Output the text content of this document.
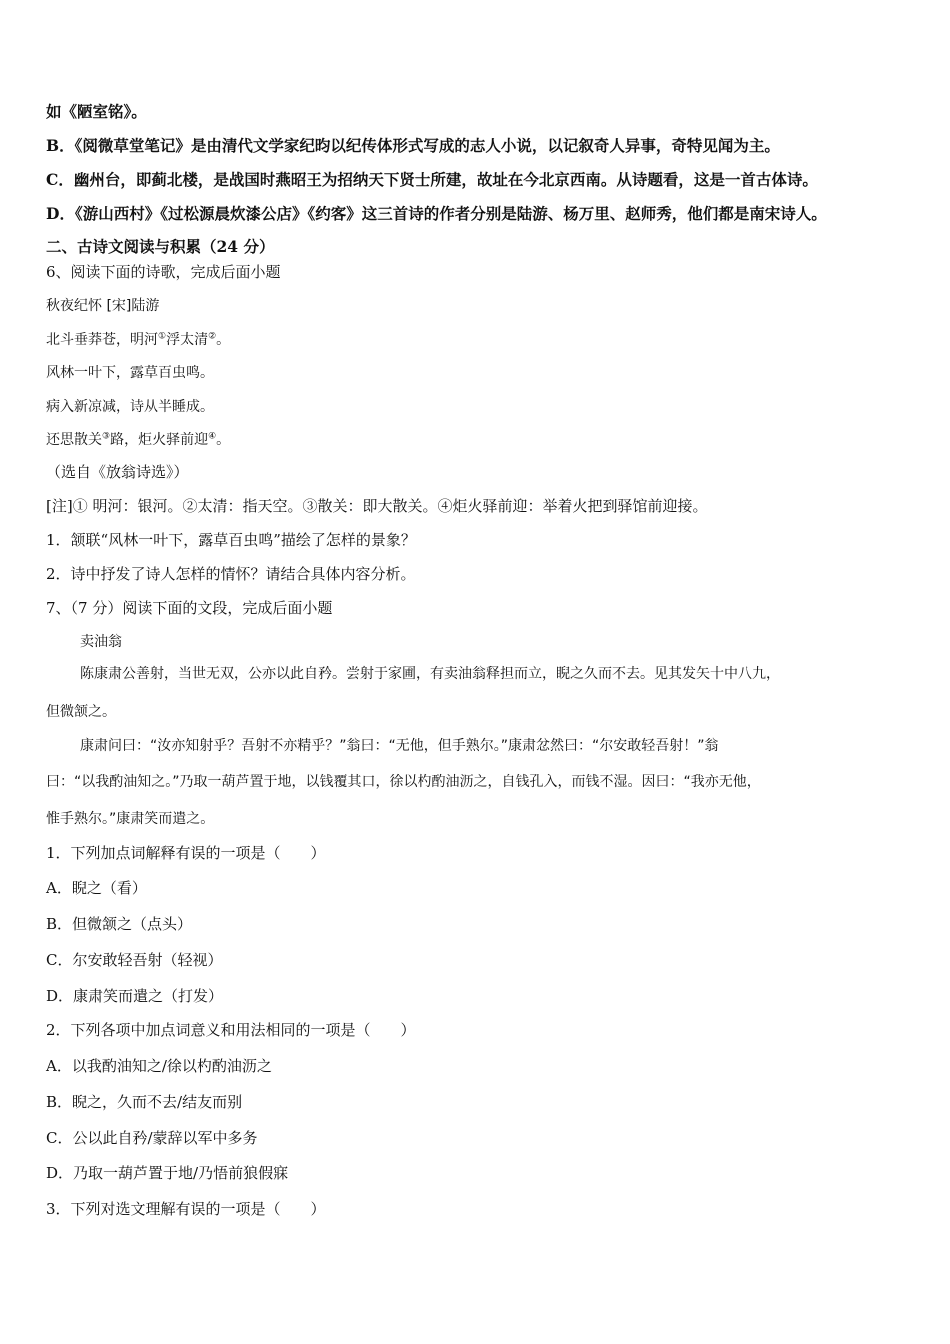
如《陋室铭》。
B．《阅微草堂笔记》是由清代文学家纪昀以纪传体形式写成的志人小说，以记叙奇人异事，奇特见闻为主。
C．幽州台，即蓟北楼，是战国时燕昭王为招纳天下贤士所建，故址在今北京西南。从诗题看，这是一首古体诗。
D．《游山西村》《过松源晨炊漆公店》《约客》这三首诗的作者分别是陆游、杨万里、赵师秀，他们都是南宋诗人。
二、古诗文阅读与积累（24 分）
6、阅读下面的诗歌，完成后面小题
秋夜纪怀 [宋]陆游
北斗垂莽苍，明河①浮太清②。
风林一叶下，露草百虫鸣。
病入新凉减，诗从半睡成。
还思散关③路，炬火驿前迎④。
（选自《放翁诗选》）
[注]① 明河：银河。②太清：指天空。③散关：即大散关。④炬火驿前迎：举着火把到驿馆前迎接。
1．颔联“风林一叶下，露草百虫鸣”描绘了怎样的景象？
2．诗中抒发了诗人怎样的情怀？请结合具体内容分析。
7、（7 分）阅读下面的文段，完成后面小题
卖油翁
陈康肃公善射，当世无双，公亦以此自矜。尝射于家圃，有卖油翁释担而立，睨之久而不去。见其发矢十中八九，
但微颔之。
康肃问曰：“汝亦知射乎？吾射不亦精乎？”翁曰：“无他，但手熟尔。”康肃忿然曰：“尔安敢轻吾射！”翁
曰：“以我酌油知之。”乃取一葫芦置于地，以钱覆其口，徐以杓酌油沥之，自钱孔入，而钱不湿。因曰：“我亦无他，
惟手熟尔。”康肃笑而遣之。
1．下列加点词解释有误的一项是（　　）
A．睨之（看）
B．但微颔之（点头）
C．尔安敢轻吾射（轻视）
D．康肃笑而遣之（打发）
2．下列各项中加点词意义和用法相同的一项是（　　）
A．以我酌油知之/徐以杓酌油沥之
B．睨之，久而不去/结友而别
C．公以此自矜/蒙辞以军中多务
D．乃取一葫芦置于地/乃悟前狼假寐
3．下列对选文理解有误的一项是（　　）
